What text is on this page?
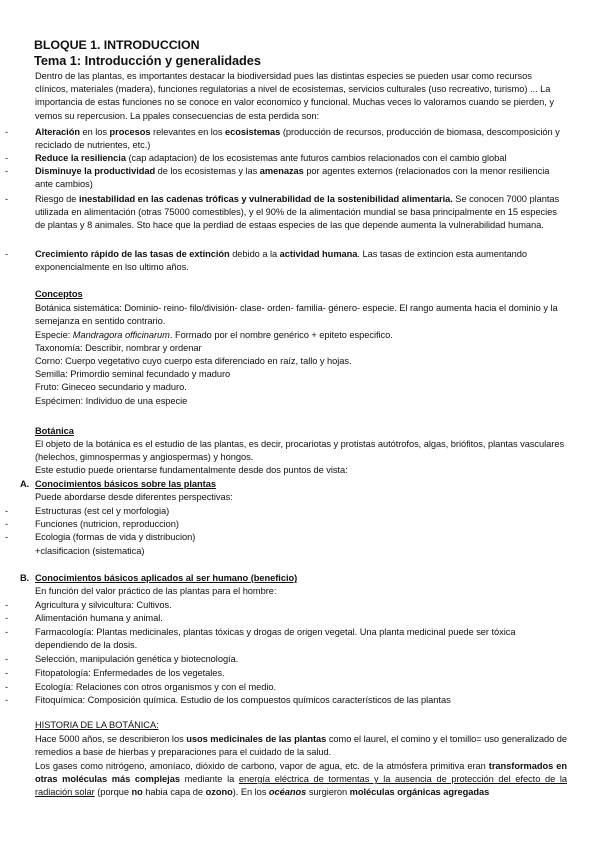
BLOQUE 1. INTRODUCCION
Tema 1: Introducción y generalidades
Dentro de las plantas, es importantes destacar la biodiversidad pues las distintas especies se pueden usar como recursos clínicos, materiales (madera), funciones regulatorias a nivel de ecosistemas, servicios culturales (uso recreativo, turismo) ... La importancia de estas funciones no se conoce en valor economico y funcional. Muchas veces lo valoramos cuando se pierden, y vemos su repercusion. La ppales consecuencias de esta perdida son:
-	Alteración en los procesos relevantes en los ecosistemas (producción de recursos, producción de biomasa, descomposición y reciclado de nutrientes, etc.)
-	Reduce la resiliencia (cap adaptacion) de los ecosistemas ante futuros cambios relacionados con el cambio global
-	Disminuye la productividad de los ecosistemas y las amenazas por agentes externos (relacionados con la menor resiliencia ante cambios)
-	Riesgo de inestabilidad en las cadenas tróficas y vulnerabilidad de la sostenibilidad alimentaria. Se conocen 7000 plantas utilizada en alimentación (otras 75000 comestibles), y el 90% de la alimentación mundial se basa principalmente en 15 especies de plantas y 8 animales. Sto hace que la perdiad de estaas especies de las que depende aumenta la vulnerabilidad humana.
-	Crecimiento rápido de las tasas de extinción debido a la actividad humana. Las tasas de extincion esta aumentando exponencialmente en lso ultimo años.
Conceptos
Botánica sistemática: Dominio- reino- filo/división- clase- orden- familia- género- especie. El rango aumenta hacia el dominio y la semejanza en sentido contrario.
Especie: Mandragora officinarum. Formado por el nombre genérico + epiteto especifico.
Taxonomía: Describir, nombrar y ordenar
Corno: Cuerpo vegetativo cuyo cuerpo esta diferenciado en raíz, tallo y hojas.
Semilla: Primordio seminal fecundado y maduro
Fruto: Gineceo secundario y maduro.
Espécimen: Individuo de una especie
Botánica
El objeto de la botánica es el estudio de las plantas, es decir, procariotas y protistas autótrofos, algas, briófitos, plantas vasculares (helechos, gimnospermas y angiospermas) y hongos.
Este estudio puede orientarse fundamentalmente desde dos puntos de vista:
A. Conocimientos básicos sobre las plantas
Puede abordarse desde diferentes perspectivas:
-	Estructuras (est cel y morfologia)
-	Funciones (nutricion, reproduccion)
-	Ecologia (formas de vida y distribucion)
+clasificacion (sistematica)
B. Conocimientos básicos aplicados al ser humano (beneficio)
En función del valor práctico de las plantas para el hombre:
-	Agricultura y silvicultura: Cultivos.
-	Alimentación humana y animal.
-	Farmacología: Plantas medicinales, plantas tóxicas y drogas de origen vegetal. Una planta medicinal puede ser tóxica dependiendo de la dosis.
-	Selección, manipulación genética y biotecnología.
-	Fitopatología: Enfermedades de los vegetales.
-	Ecología: Relaciones con otros organismos y con el medio.
-	Fitoquímica: Composición química. Estudio de los compuestos químicos característicos de las plantas
HISTORIA DE LA BOTÁNICA:
Hace 5000 años, se describieron los usos medicinales de las plantas como el laurel, el comino y el tomillo= uso generalizado de remedios a base de hierbas y preparaciones para el cuidado de la salud.
Los gases como nitrógeno, amoníaco, dióxido de carbono, vapor de agua, etc. de la atmósfera primitiva eran transformados en otras moléculas más complejas mediante la energía eléctrica de tormentas y la ausencia de protección del efecto de la radiación solar (porque no habia capa de ozono). En los océanos surgieron moléculas orgánicas agregadas
